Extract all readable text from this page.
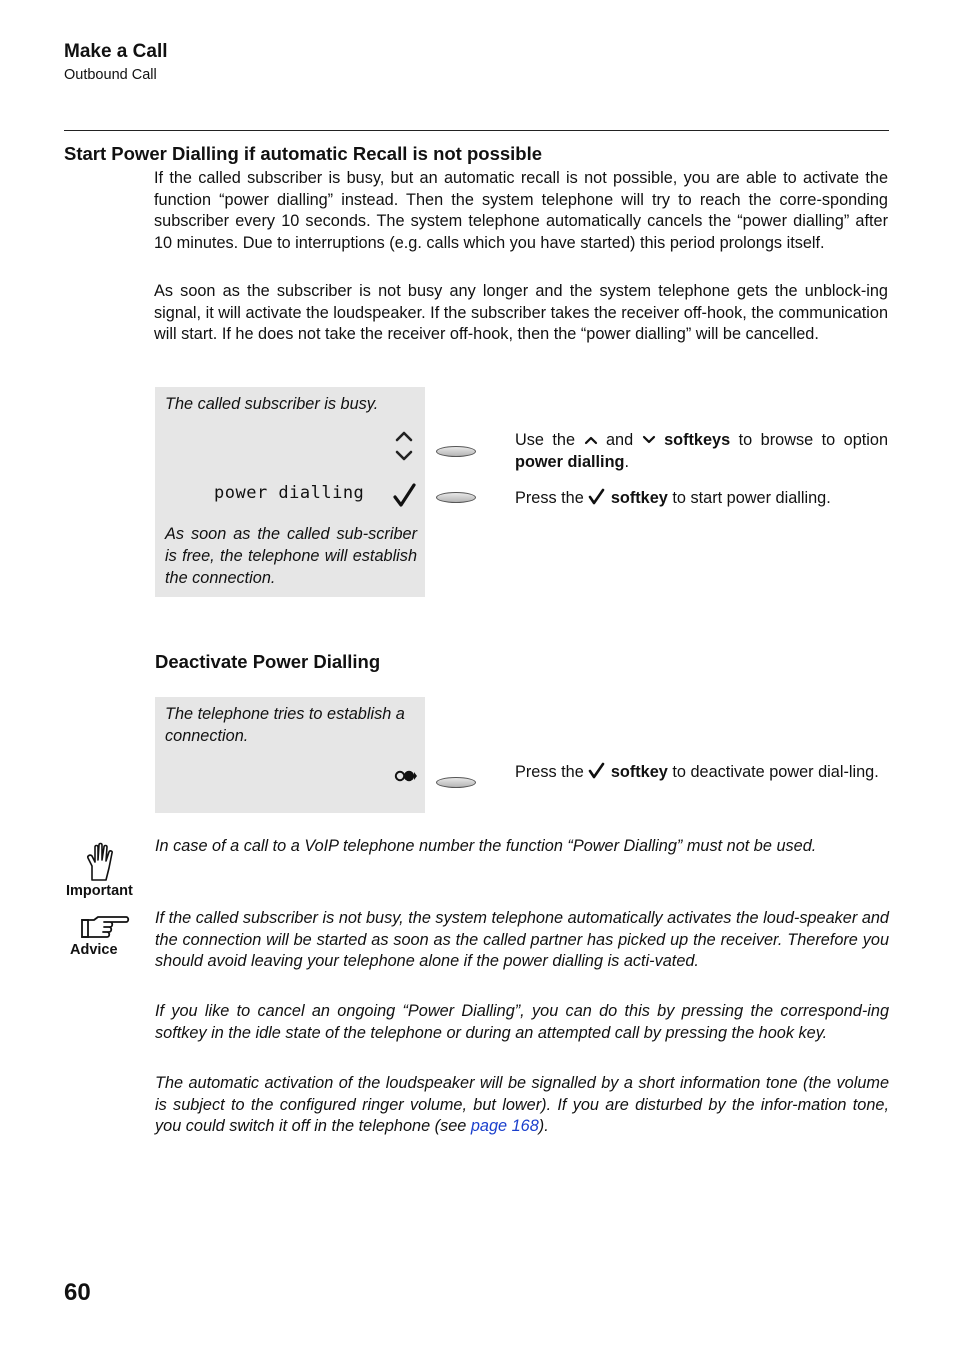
Make a Call
Outbound Call
Start Power Dialling if automatic Recall is not possible
If the called subscriber is busy, but an automatic recall is not possible, you are able to activate the function “power dialling” instead. Then the system telephone will try to reach the corre-sponding subscriber every 10 seconds. The system telephone automatically cancels the “power dialling” after 10 minutes. Due to interruptions (e.g. calls which you have started) this period prolongs itself.
As soon as the subscriber is not busy any longer and the system telephone gets the unblock-ing signal, it will activate the loudspeaker. If the subscriber takes the receiver off-hook, the communication will start. If he does not take the receiver off-hook, then the “power dialling” will be cancelled.
The called subscriber is busy.
power dialling
As soon as the called sub-scriber is free, the telephone will establish the connection.
Use the and softkeys to browse to option power dialling.
Press the softkey to start power dialling.
Deactivate Power Dialling
The telephone tries to establish a connection.
Press the softkey to deactivate power dial-ling.
Important
In case of a call to a VoIP telephone number the function “Power Dialling” must not be used.
Advice
If the called subscriber is not busy, the system telephone automatically activates the loud-speaker and the connection will be started as soon as the called partner has picked up the receiver. Therefore you should avoid leaving your telephone alone if the power dialling is acti-vated.
If you like to cancel an ongoing “Power Dialling”, you can do this by pressing the correspond-ing softkey in the idle state of the telephone or during an attempted call by pressing the hook key.
The automatic activation of the loudspeaker will be signalled by a short information tone (the volume is subject to the configured ringer volume, but lower). If you are disturbed by the infor-mation tone, you could switch it off in the telephone (see page 168).
60
